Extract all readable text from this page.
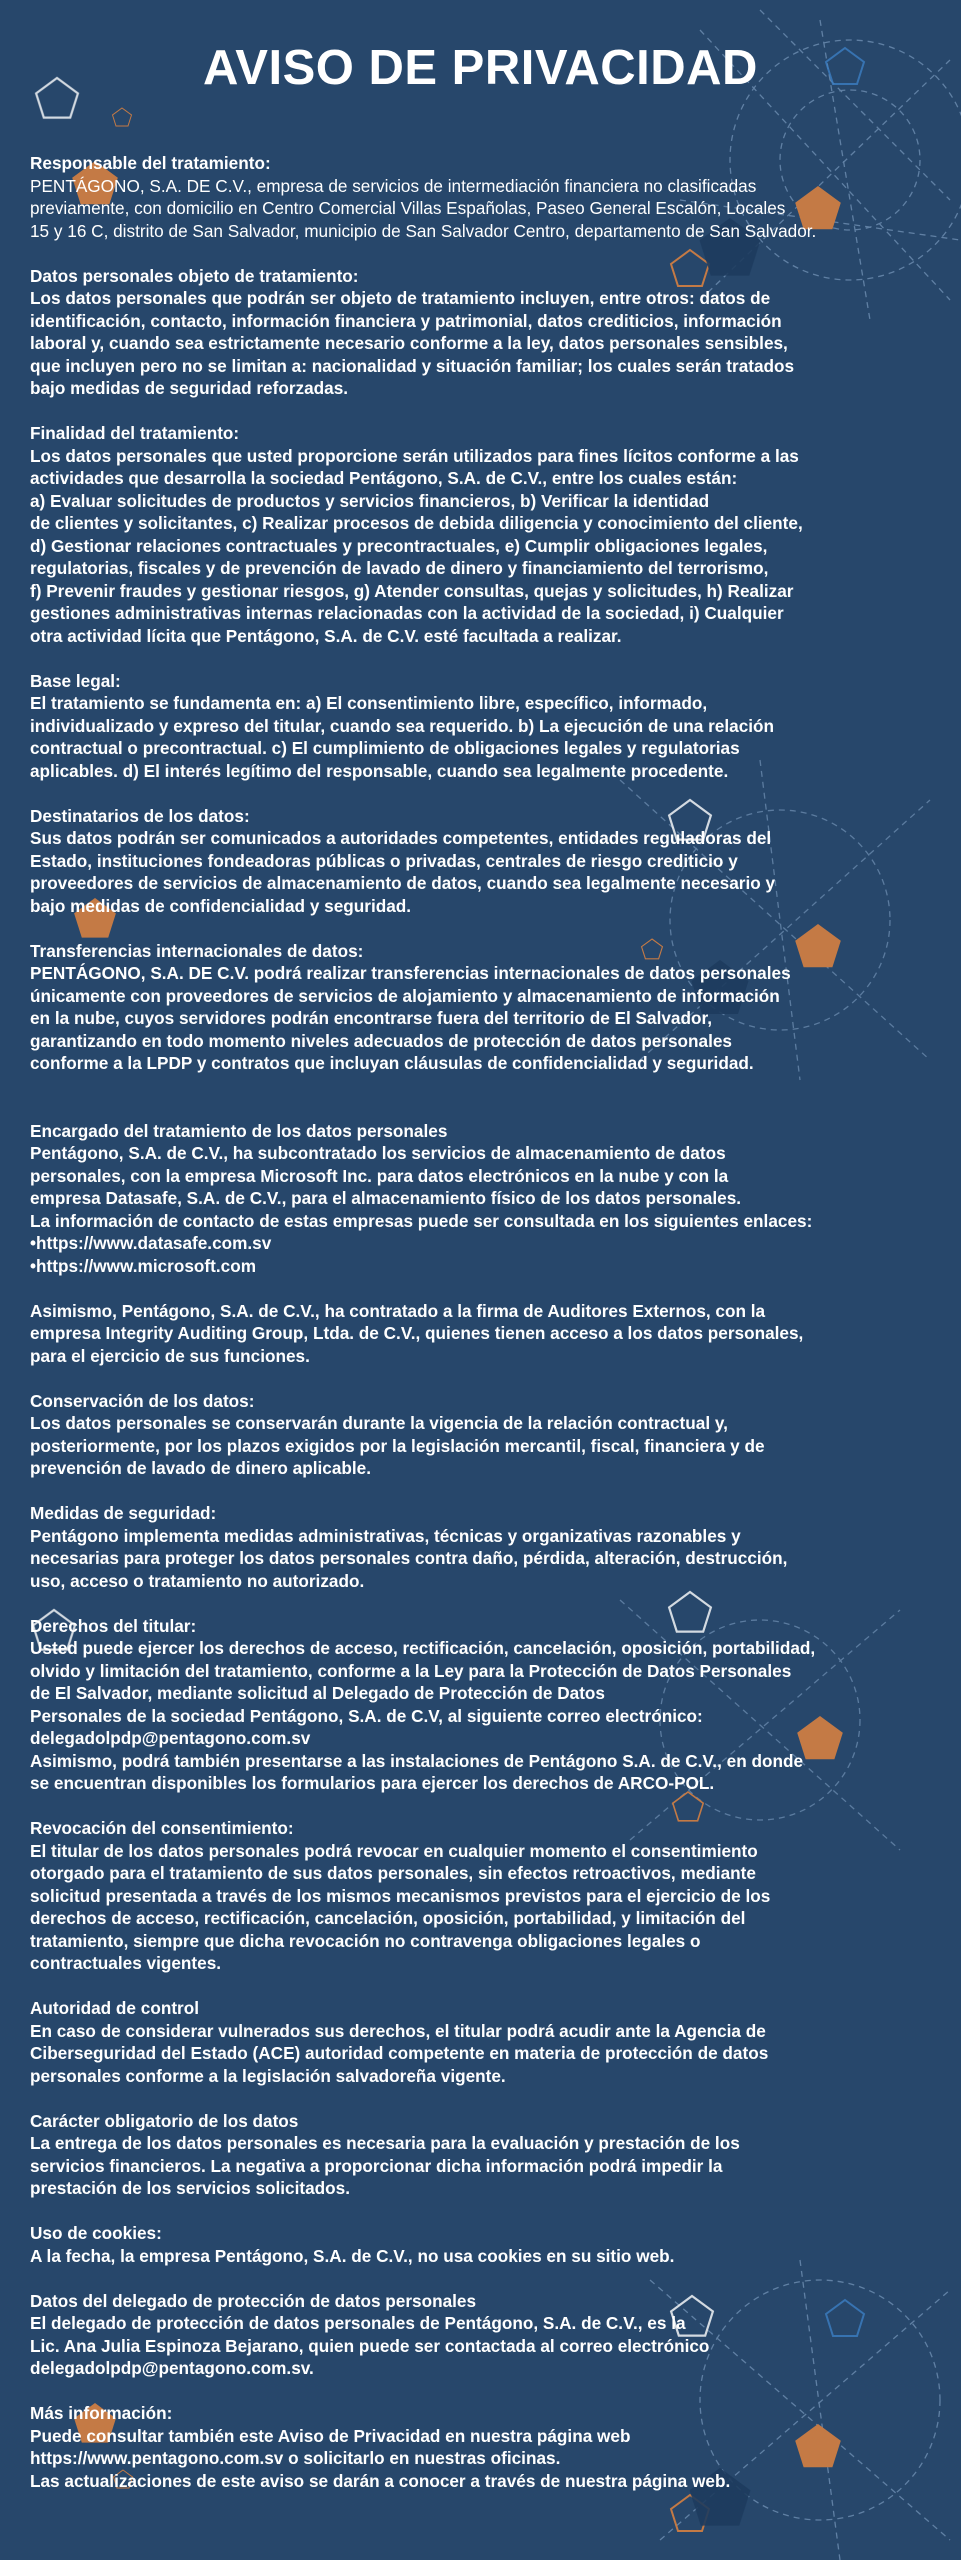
AVISO DE PRIVACIDAD
Responsable del tratamiento:
PENTÁGONO, S.A. DE C.V., empresa de servicios de intermediación financiera no clasificadas
previamente, con domicilio en Centro Comercial Villas Españolas, Paseo General Escalón, Locales
15 y 16 C, distrito de San Salvador, municipio de San Salvador Centro, departamento de San Salvador.
Datos personales objeto de tratamiento:
Los datos personales que podrán ser objeto de tratamiento incluyen, entre otros: datos de
identificación, contacto, información financiera y patrimonial, datos crediticios, información
laboral y, cuando sea estrictamente necesario conforme a la ley, datos personales sensibles,
que incluyen pero no se limitan a: nacionalidad y situación familiar; los cuales serán tratados
bajo medidas de seguridad reforzadas.
Finalidad del tratamiento:
Los datos personales que usted proporcione serán utilizados para fines lícitos conforme a las
actividades que desarrolla la sociedad Pentágono, S.A. de C.V., entre los cuales están:
a) Evaluar solicitudes de productos y servicios financieros, b) Verificar la identidad
de clientes y solicitantes, c) Realizar procesos de debida diligencia y conocimiento del cliente,
d) Gestionar relaciones contractuales y precontractuales, e) Cumplir obligaciones legales,
regulatorias, fiscales y de prevención de lavado de dinero y financiamiento del terrorismo,
f) Prevenir fraudes y gestionar riesgos, g) Atender consultas, quejas y solicitudes, h) Realizar
gestiones administrativas internas relacionadas con la actividad de la sociedad, i) Cualquier
otra actividad lícita que Pentágono, S.A. de C.V. esté facultada a realizar.
Base legal:
El tratamiento se fundamenta en: a) El consentimiento libre, específico, informado,
individualizado y expreso del titular, cuando sea requerido. b) La ejecución de una relación
contractual o precontractual. c) El cumplimiento de obligaciones legales y regulatorias
aplicables. d) El interés legítimo del responsable, cuando sea legalmente procedente.
Destinatarios de los datos:
Sus datos podrán ser comunicados a autoridades competentes, entidades reguladoras del
Estado, instituciones fondeadoras públicas o privadas, centrales de riesgo crediticio y
proveedores de servicios de almacenamiento de datos, cuando sea legalmente necesario y
bajo medidas de confidencialidad y seguridad.
Transferencias internacionales de datos:
PENTÁGONO, S.A. DE C.V. podrá realizar transferencias internacionales de datos personales
únicamente con proveedores de servicios de alojamiento y almacenamiento de información
en la nube, cuyos servidores podrán encontrarse fuera del territorio de El Salvador,
garantizando en todo momento niveles adecuados de protección de datos personales
conforme a la LPDP y contratos que incluyan cláusulas de confidencialidad y seguridad.
Encargado del tratamiento de los datos personales
Pentágono, S.A. de C.V., ha subcontratado los servicios de almacenamiento de datos
personales, con la empresa Microsoft Inc. para datos electrónicos en la nube y con la
empresa Datasafe, S.A. de C.V., para el almacenamiento físico de los datos personales.
La información de contacto de estas empresas puede ser consultada en los siguientes enlaces:
• https://www.datasafe.com.sv
• https://www.microsoft.com
Asimismo, Pentágono, S.A. de C.V., ha contratado a la firma de Auditores Externos, con la
empresa Integrity Auditing Group, Ltda. de C.V., quienes tienen acceso a los datos personales,
para el ejercicio de sus funciones.
Conservación de los datos:
Los datos personales se conservarán durante la vigencia de la relación contractual y,
posteriormente, por los plazos exigidos por la legislación mercantil, fiscal, financiera y de
prevención de lavado de dinero aplicable.
Medidas de seguridad:
Pentágono implementa medidas administrativas, técnicas y organizativas razonables y
necesarias para proteger los datos personales contra daño, pérdida, alteración, destrucción,
uso, acceso o tratamiento no autorizado.
Derechos del titular:
Usted puede ejercer los derechos de acceso, rectificación, cancelación, oposición, portabilidad,
olvido y limitación del tratamiento, conforme a la Ley para la Protección de Datos Personales
de El Salvador, mediante solicitud al Delegado de Protección de Datos
Personales de la sociedad Pentágono, S.A. de C.V, al siguiente correo electrónico:
delegadolpdp@pentagono.com.sv
Asimismo, podrá también presentarse a las instalaciones de Pentágono S.A. de C.V., en donde
se encuentran disponibles los formularios para ejercer los derechos de ARCO-POL.
Revocación del consentimiento:
El titular de los datos personales podrá revocar en cualquier momento el consentimiento
otorgado para el tratamiento de sus datos personales, sin efectos retroactivos, mediante
solicitud presentada a través de los mismos mecanismos previstos para el ejercicio de los
derechos de acceso, rectificación, cancelación, oposición, portabilidad, y limitación del
tratamiento, siempre que dicha revocación no contravenga obligaciones legales o
contractuales vigentes.
Autoridad de control
En caso de considerar vulnerados sus derechos, el titular podrá acudir ante la Agencia de
Ciberseguridad del Estado (ACE) autoridad competente en materia de protección de datos
personales conforme a la legislación salvadoreña vigente.
Carácter obligatorio de los datos
La entrega de los datos personales es necesaria para la evaluación y prestación de los
servicios financieros. La negativa a proporcionar dicha información podrá impedir la
prestación de los servicios solicitados.
Uso de cookies:
A la fecha, la empresa Pentágono, S.A. de C.V., no usa cookies en su sitio web.
Datos del delegado de protección de datos personales
El delegado de protección de datos personales de Pentágono, S.A. de C.V., es la
Lic. Ana Julia Espinoza Bejarano, quien puede ser contactada al correo electrónico
delegadolpdp@pentagono.com.sv.
Más información:
Puede consultar también este Aviso de Privacidad en nuestra página web
https://www.pentagono.com.sv o solicitarlo en nuestras oficinas.
Las actualizaciones de este aviso se darán a conocer a través de nuestra página web.
